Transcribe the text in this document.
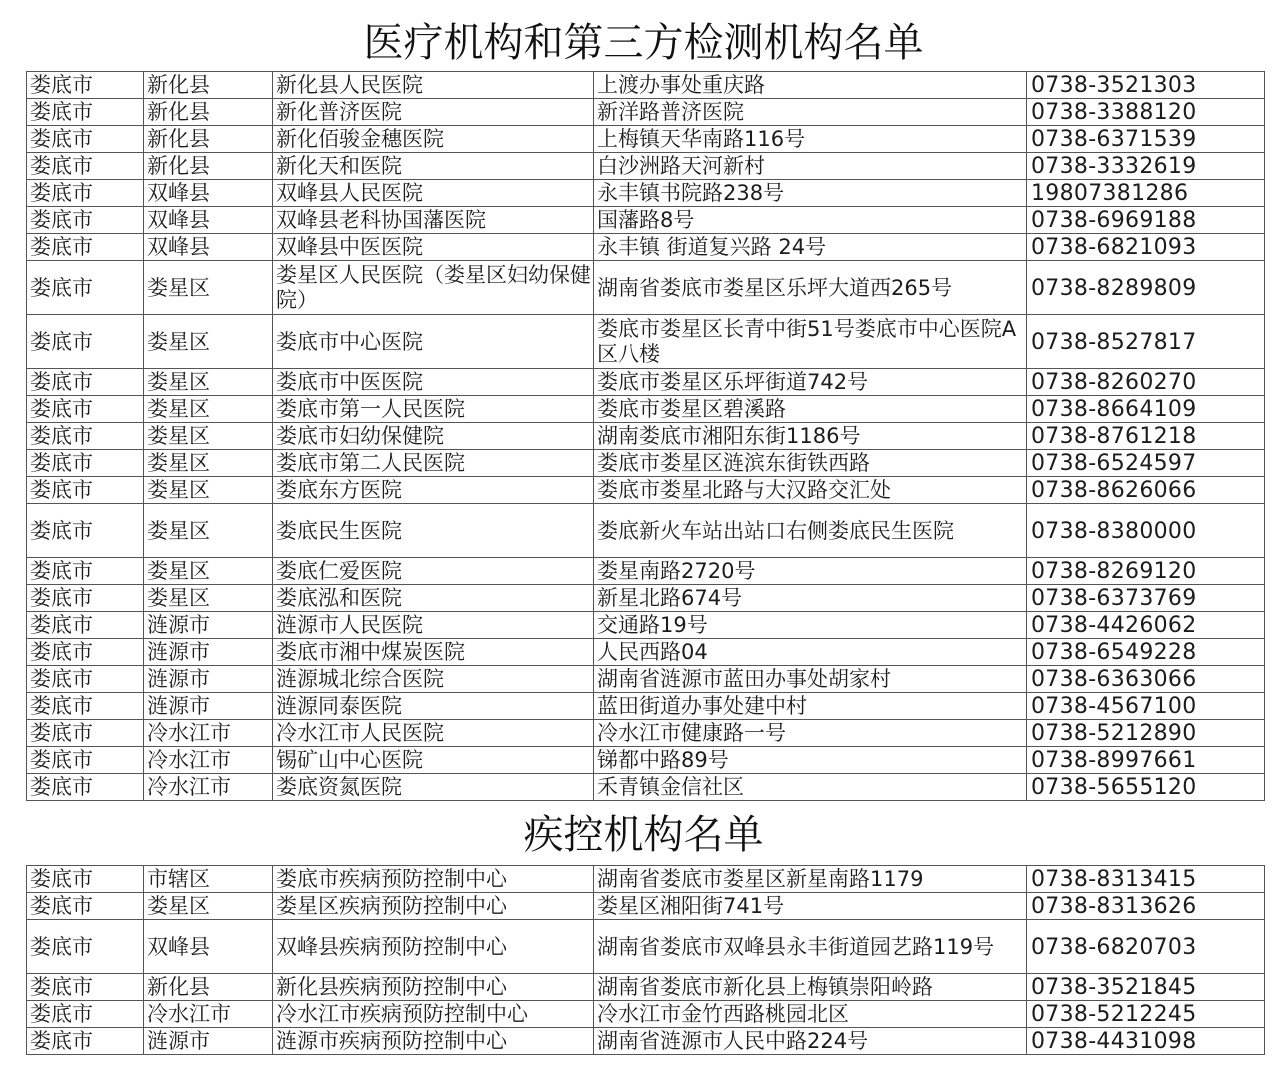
医疗机构和第三方检测机构名单
娄底市	新化县	新化县人民医院	上渡办事处重庆路	0738-3521303
娄底市	新化县	新化普济医院	新洋路普济医院	0738-3388120
娄底市	新化县	新化佰骏金穗医院	上梅镇天华南路116号	0738-6371539
娄底市	新化县	新化天和医院	白沙洲路天河新村	0738-3332619
娄底市	双峰县	双峰县人民医院	永丰镇书院路238号	19807381286
娄底市	双峰县	双峰县老科协国藩医院	国藩路8号	0738-6969188
娄底市	双峰县	双峰县中医医院	永丰镇 街道复兴路 24号	0738-6821093
娄底市	娄星区	娄星区人民医院（娄星区妇幼保健院）	湖南省娄底市娄星区乐坪大道西265号	0738-8289809
娄底市	娄星区	娄底市中心医院	娄底市娄星区长青中街51号娄底市中心医院A区八楼	0738-8527817
娄底市	娄星区	娄底市中医医院	娄底市娄星区乐坪街道742号	0738-8260270
娄底市	娄星区	娄底市第一人民医院	娄底市娄星区碧溪路	0738-8664109
娄底市	娄星区	娄底市妇幼保健院	湖南娄底市湘阳东街1186号	0738-8761218
娄底市	娄星区	娄底市第二人民医院	娄底市娄星区涟滨东街铁西路	0738-6524597
娄底市	娄星区	娄底东方医院	娄底市娄星北路与大汉路交汇处	0738-8626066
娄底市	娄星区	娄底民生医院	娄底新火车站出站口右侧娄底民生医院	0738-8380000
娄底市	娄星区	娄底仁爱医院	娄星南路2720号	0738-8269120
娄底市	娄星区	娄底泓和医院	新星北路674号	0738-6373769
娄底市	涟源市	涟源市人民医院	交通路19号	0738-4426062
娄底市	涟源市	娄底市湘中煤炭医院	人民西路04	0738-6549228
娄底市	涟源市	涟源城北综合医院	湖南省涟源市蓝田办事处胡家村	0738-6363066
娄底市	涟源市	涟源同泰医院	蓝田街道办事处建中村	0738-4567100
娄底市	冷水江市	冷水江市人民医院	冷水江市健康路一号	0738-5212890
娄底市	冷水江市	锡矿山中心医院	锑都中路89号	0738-8997661
娄底市	冷水江市	娄底资氮医院	禾青镇金信社区	0738-5655120
疾控机构名单
娄底市	市辖区	娄底市疾病预防控制中心	湖南省娄底市娄星区新星南路1179	0738-8313415
娄底市	娄星区	娄星区疾病预防控制中心	娄星区湘阳街741号	0738-8313626
娄底市	双峰县	双峰县疾病预防控制中心	湖南省娄底市双峰县永丰街道园艺路119号	0738-6820703
娄底市	新化县	新化县疾病预防控制中心	湖南省娄底市新化县上梅镇崇阳岭路	0738-3521845
娄底市	冷水江市	冷水江市疾病预防控制中心	冷水江市金竹西路桃园北区	0738-5212245
娄底市	涟源市	涟源市疾病预防控制中心	湖南省涟源市人民中路224号	0738-4431098
